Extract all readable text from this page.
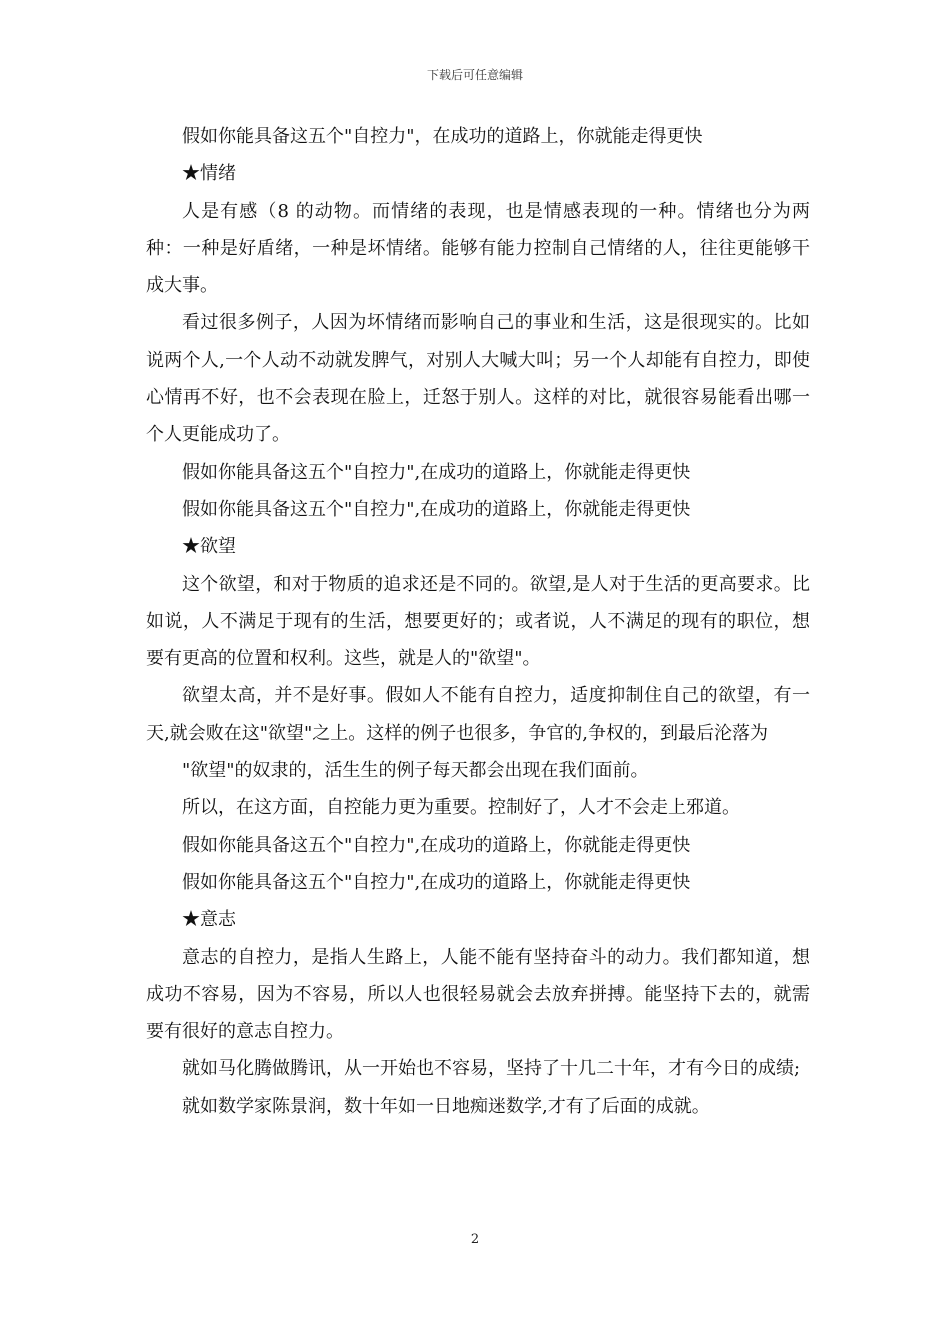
下载后可任意编辑

假如你能具备这五个"自控力"，在成功的道路上，你就能走得更快

★情绪

人是有感（8 的动物。而情绪的表现，也是情感表现的一种。情绪也分为两种：一种是好盾绪，一种是坏情绪。能够有能力控制自己情绪的人，往往更能够干成大事。

看过很多例子，人因为坏情绪而影响自己的事业和生活，这是很现实的。比如说两个人,一个人动不动就发脾气，对别人大喊大叫；另一个人却能有自控力，即使心情再不好，也不会表现在脸上，迁怒于别人。这样的对比，就很容易能看出哪一个人更能成功了。

假如你能具备这五个"自控力",在成功的道路上，你就能走得更快

假如你能具备这五个"自控力",在成功的道路上，你就能走得更快

★欲望

这个欲望，和对于物质的追求还是不同的。欲望,是人对于生活的更高要求。比如说，人不满足于现有的生活，想要更好的；或者说，人不满足的现有的职位，想要有更高的位置和权利。这些，就是人的"欲望"。

欲望太高，并不是好事。假如人不能有自控力，适度抑制住自己的欲望，有一天,就会败在这"欲望"之上。这样的例子也很多，争官的,争权的，到最后沦落为

"欲望"的奴隶的，活生生的例子每天都会出现在我们面前。

所以，在这方面，自控能力更为重要。控制好了，人才不会走上邪道。

假如你能具备这五个"自控力",在成功的道路上，你就能走得更快

假如你能具备这五个"自控力",在成功的道路上，你就能走得更快

★意志

意志的自控力，是指人生路上，人能不能有坚持奋斗的动力。我们都知道，想成功不容易，因为不容易，所以人也很轻易就会去放弃拼搏。能坚持下去的，就需要有很好的意志自控力。

就如马化腾做腾讯，从一开始也不容易，坚持了十几二十年，才有今日的成绩;

就如数学家陈景润，数十年如一日地痴迷数学,才有了后面的成就。

2
